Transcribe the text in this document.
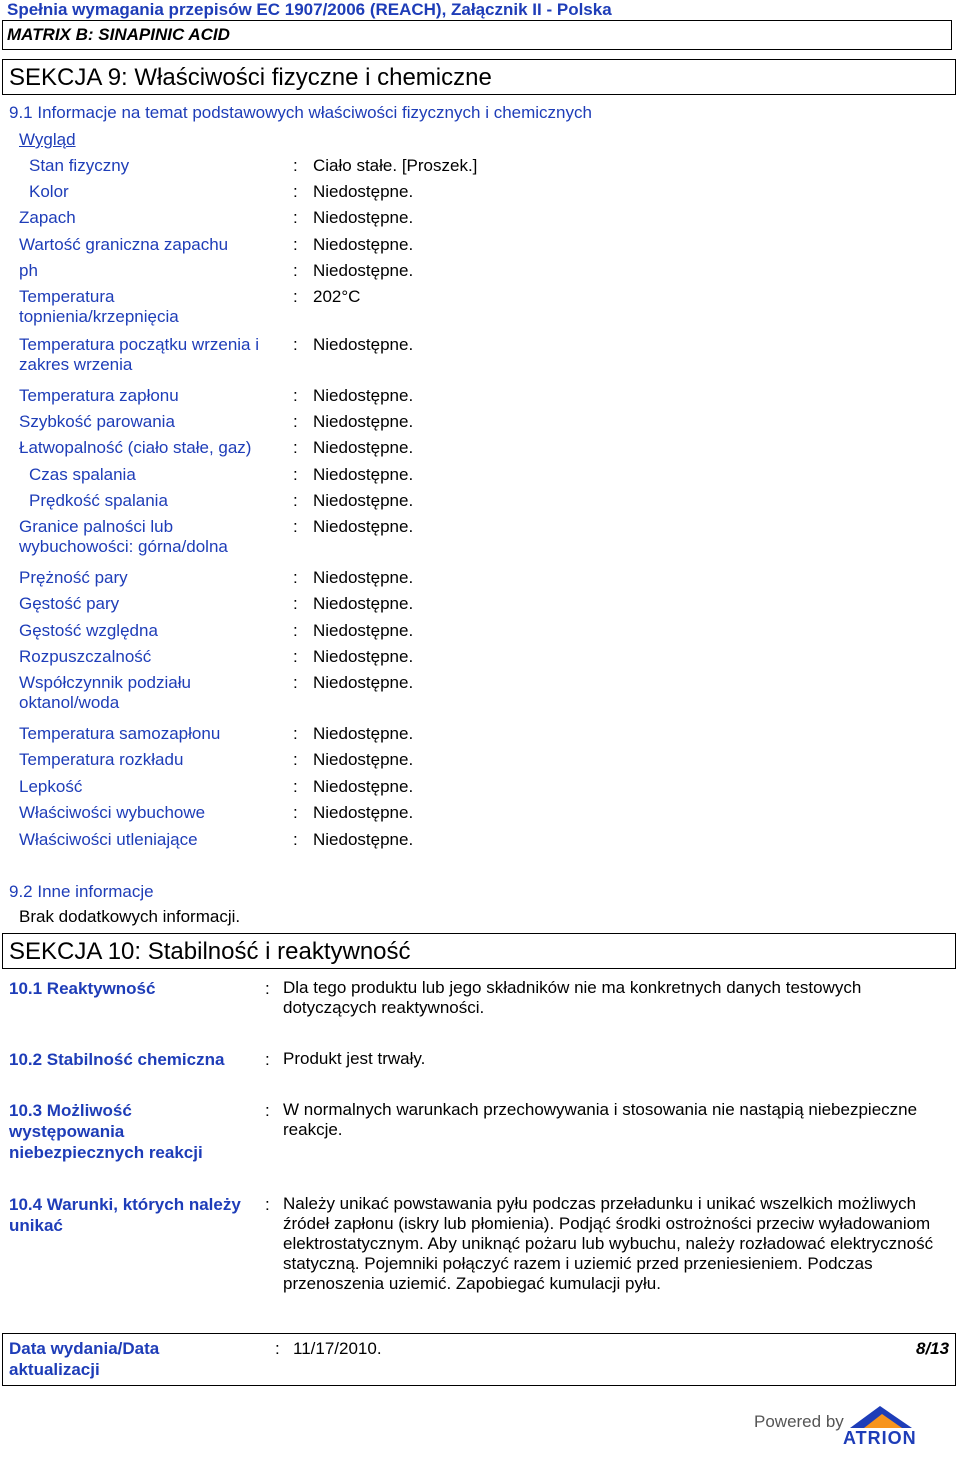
Spełnia wymagania przepisów EC 1907/2006 (REACH), Załącznik II - Polska
MATRIX B: SINAPINIC ACID
SEKCJA 9: Właściwości fizyczne i chemiczne
9.1 Informacje na temat podstawowych właściwości fizycznych i chemicznych
Wygląd
Stan fizyczny	: Ciało stałe. [Proszek.]
Kolor	: Niedostępne.
Zapach	: Niedostępne.
Wartość graniczna zapachu	: Niedostępne.
ph	: Niedostępne.
Temperatura topnienia/krzepnięcia
: 202°C
Temperatura początku wrzenia i zakres wrzenia
: Niedostępne.
Temperatura zapłonu	: Niedostępne.
Szybkość parowania	: Niedostępne.
Łatwopalność (ciało stałe, gaz) : Niedostępne.
Czas spalania	: Niedostępne.
Prędkość spalania	: Niedostępne.
Granice palności lub wybuchowości: górna/dolna
: Niedostępne.
Prężność pary	: Niedostępne.
Gęstość pary	: Niedostępne.
Gęstość względna	: Niedostępne.
Rozpuszczalność	: Niedostępne.
Współczynnik podziału oktanol/woda
: Niedostępne.
Temperatura samozapłonu	: Niedostępne.
Temperatura rozkładu	: Niedostępne.
Lepkość	: Niedostępne.
Właściwości wybuchowe	: Niedostępne.
Właściwości utleniające	: Niedostępne.
9.2 Inne informacje
Brak dodatkowych informacji.
SEKCJA 10: Stabilność i reaktywność
10.1 Reaktywność	: Dla tego produktu lub jego składników nie ma konkretnych danych testowych dotyczących reaktywności.
10.2 Stabilność chemiczna	: Produkt jest trwały.
10.3 Możliwość występowania niebezpiecznych reakcji
: W normalnych warunkach przechowywania i stosowania nie nastąpią niebezpieczne reakcje.
10.4 Warunki, których należy unikać
: Należy unikać powstawania pyłu podczas przeładunku i unikać wszelkich możliwych źródeł zapłonu (iskry lub płomienia). Podjąć środki ostrożności przeciw wyładowaniom elektrostatycznym. Aby uniknąć pożaru lub wybuchu, należy rozładować elektryczność statyczną. Pojemniki połączyć razem i uziemić przed przeniesieniem. Podczas przenoszenia uziemić. Zapobiegać kumulacji pyłu.
Data wydania/Data aktualizacji
: 11/17/2010.	8/13
Powered by
ATRION
